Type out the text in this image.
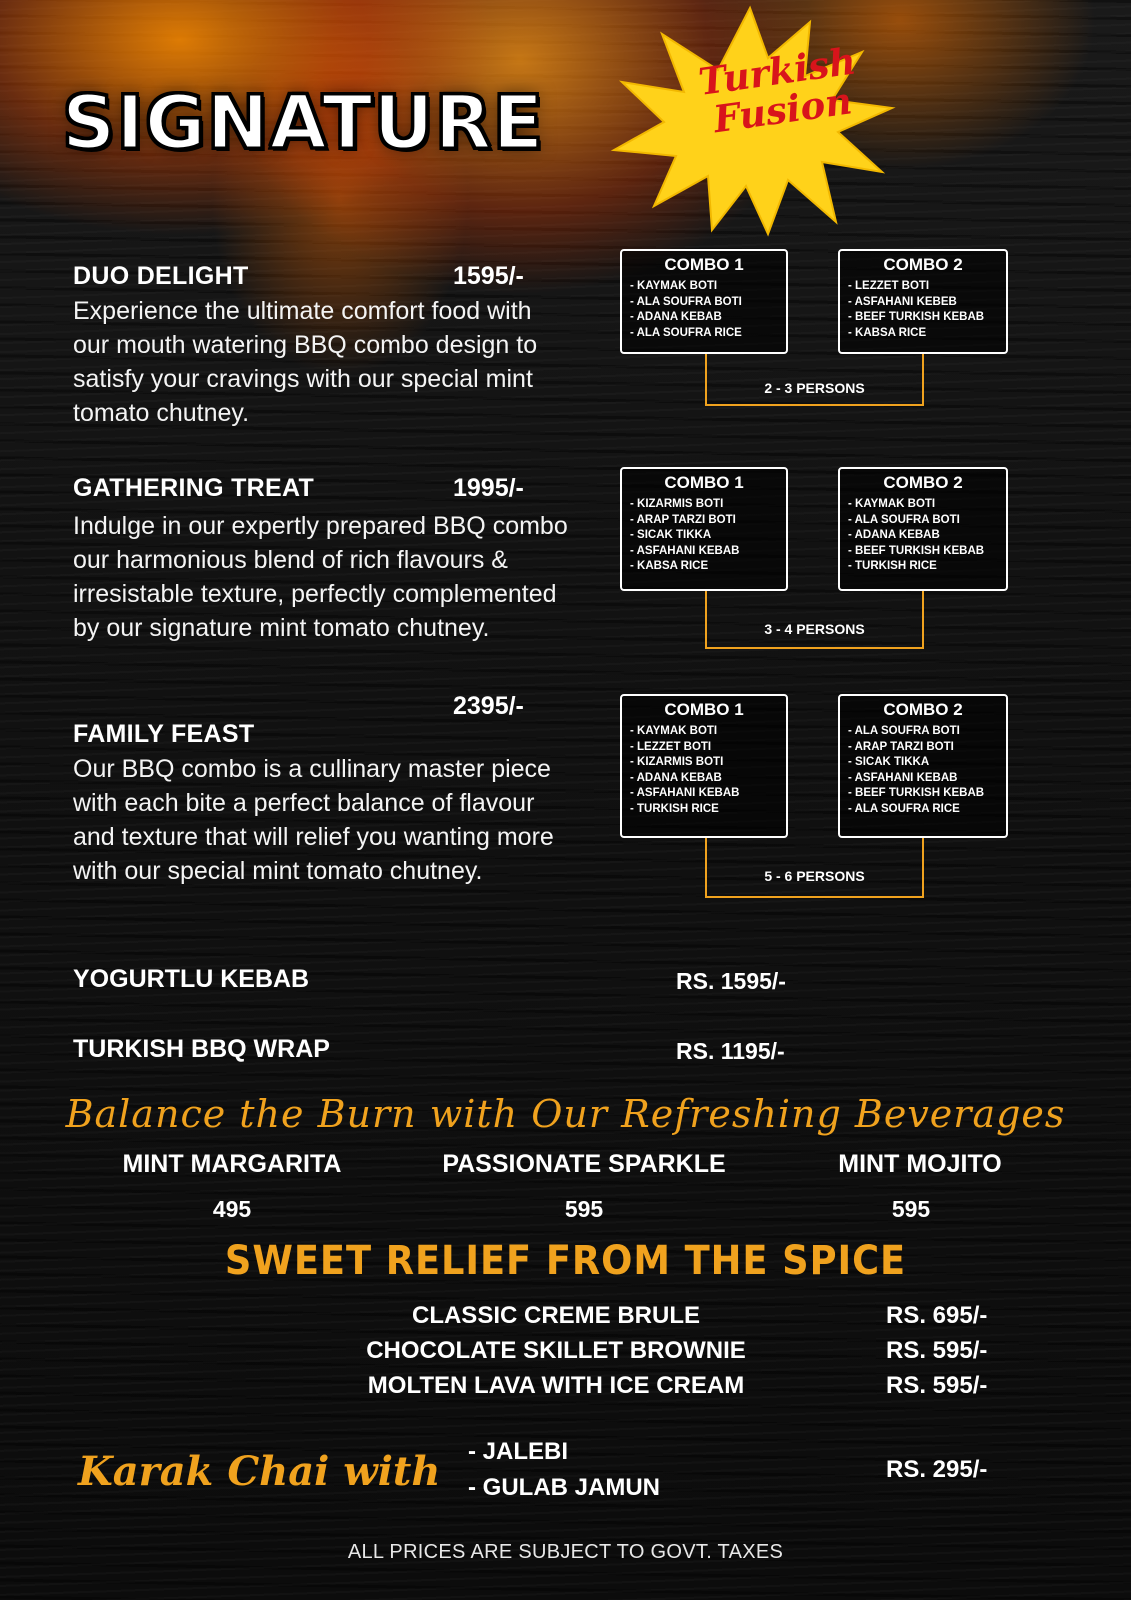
SIGNATURE
Turkish Fusion
DUO DELIGHT	1595/-
Experience the ultimate comfort food with our mouth watering BBQ combo design to satisfy your cravings with our special mint tomato chutney.
COMBO 1
- KAYMAK BOTI
- ALA SOUFRA BOTI
- ADANA KEBAB
- ALA SOUFRA RICE
COMBO 2
- LEZZET BOTI
- ASFAHANI KEBEB
- BEEF TURKISH KEBAB
- KABSA RICE
2 - 3 PERSONS
GATHERING TREAT	1995/-
Indulge in our expertly prepared BBQ combo our harmonious blend of rich flavours & irresistable texture, perfectly complemented by our signature mint tomato chutney.
COMBO 1
- KIZARMIS BOTI
- ARAP TARZI BOTI
- SICAK TIKKA
- ASFAHANI KEBAB
- KABSA RICE
COMBO 2
- KAYMAK BOTI
- ALA SOUFRA BOTI
- ADANA KEBAB
- BEEF TURKISH KEBAB
- TURKISH RICE
3 - 4 PERSONS
2395/-
FAMILY FEAST
Our BBQ combo is a cullinary master piece with each bite a perfect balance of flavour and texture that will relief you wanting more with our special mint tomato chutney.
COMBO 1
- KAYMAK BOTI
- LEZZET BOTI
- KIZARMIS BOTI
- ADANA KEBAB
- ASFAHANI KEBAB
- TURKISH RICE
COMBO 2
- ALA SOUFRA BOTI
- ARAP TARZI BOTI
- SICAK TIKKA
- ASFAHANI KEBAB
- BEEF TURKISH KEBAB
- ALA SOUFRA RICE
5 - 6 PERSONS
YOGURTLU KEBAB	RS. 1595/-
TURKISH BBQ WRAP	RS. 1195/-
Balance the Burn with Our Refreshing Beverages
MINT MARGARITA	PASSIONATE SPARKLE	MINT MOJITO
495	595	595
SWEET RELIEF FROM THE SPICE
CLASSIC CREME BRULE	RS. 695/-
CHOCOLATE SKILLET BROWNIE	RS. 595/-
MOLTEN LAVA WITH ICE CREAM	RS. 595/-
Karak Chai with - JALEBI
- GULAB JAMUN
RS. 295/-
ALL PRICES ARE SUBJECT TO GOVT. TAXES
